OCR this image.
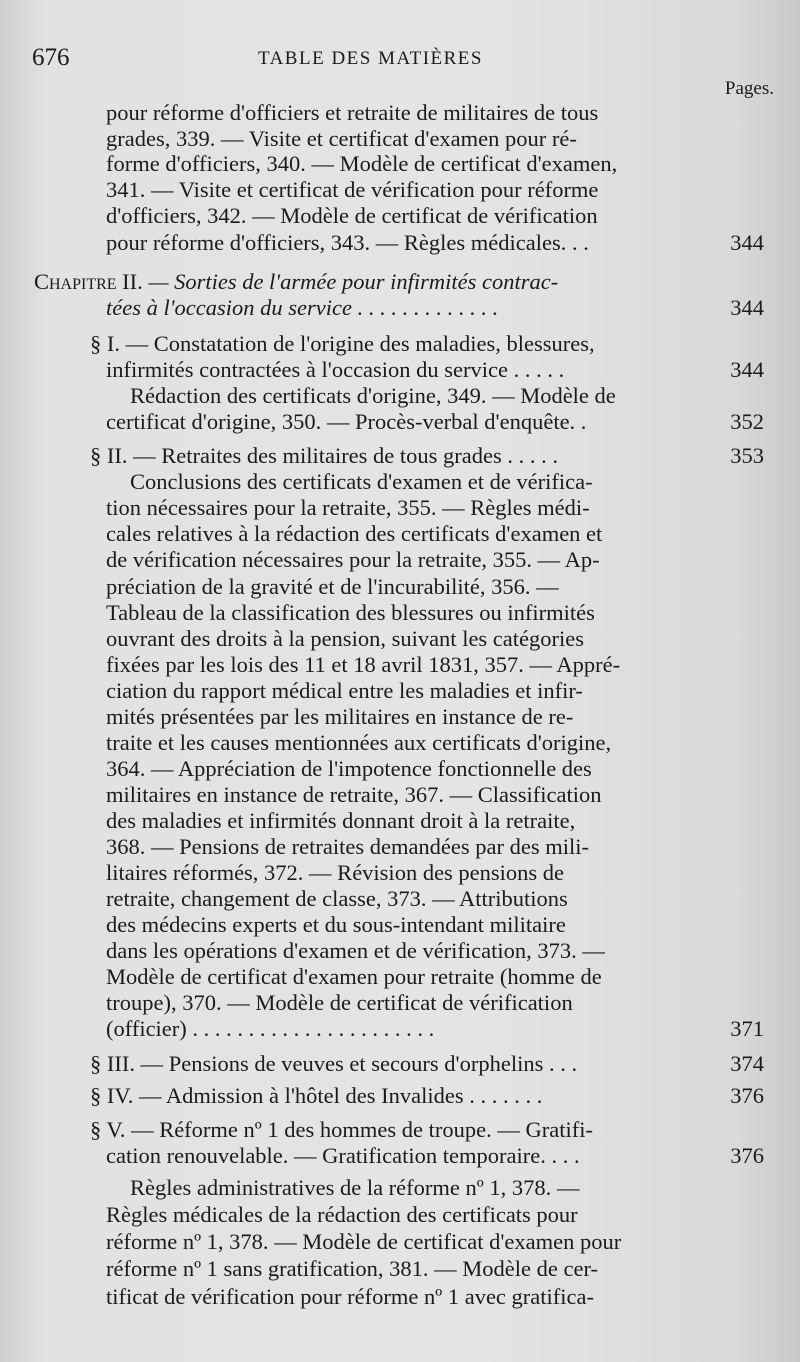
676	TABLE DES MATIÈRES
Pages.
pour réforme d'officiers et retraite de militaires de tous
grades, 339. — Visite et certificat d'examen pour ré-
forme d'officiers, 340. — Modèle de certificat d'examen,
341. — Visite et certificat de vérification pour réforme
d'officiers, 342. — Modèle de certificat de vérification
pour réforme d'officiers, 343. — Règles médicales. . .	344
Chapitre II. — Sorties de l'armée pour infirmités contrac-
tées à l'occasion du service . . . . . . . . . . . . .	344
§ I. — Constatation de l'origine des maladies, blessures,
infirmités contractées à l'occasion du service . . . . .	344
Rédaction des certificats d'origine, 349. — Modèle de
certificat d'origine, 350. — Procès-verbal d'enquête. .	352
§ II. — Retraites des militaires de tous grades . . . . .	353
Conclusions des certificats d'examen et de vérifica-
tion nécessaires pour la retraite, 355. — Règles médi-
cales relatives à la rédaction des certificats d'examen et
de vérification nécessaires pour la retraite, 355. — Ap-
préciation de la gravité et de l'incurabilité, 356. —
Tableau de la classification des blessures ou infirmités
ouvrant des droits à la pension, suivant les catégories
fixées par les lois des 11 et 18 avril 1831, 357. — Appré-
ciation du rapport médical entre les maladies et infir-
mités présentées par les militaires en instance de re-
traite et les causes mentionnées aux certificats d'origine,
364. — Appréciation de l'impotence fonctionnelle des
militaires en instance de retraite, 367. — Classification
des maladies et infirmités donnant droit à la retraite,
368. — Pensions de retraites demandées par des mili-
litaires réformés, 372. — Révision des pensions de
retraite, changement de classe, 373. — Attributions
des médecins experts et du sous-intendant militaire
dans les opérations d'examen et de vérification, 373. —
Modèle de certificat d'examen pour retraite (homme de
troupe), 370. — Modèle de certificat de vérification
(officier) . . . . . . . . . . . . . . . . . . . . . .	371
§ III. — Pensions de veuves et secours d'orphelins . . .	374
§ IV. — Admission à l'hôtel des Invalides . . . . . . .	376
§ V. — Réforme nº 1 des hommes de troupe. — Gratifi-
cation renouvelable. — Gratification temporaire. . . .	376
Règles administratives de la réforme nº 1, 378. —
Règles médicales de la rédaction des certificats pour
réforme nº 1, 378. — Modèle de certificat d'examen pour
réforme nº 1 sans gratification, 381. — Modèle de cer-
tificat de vérification pour réforme nº 1 avec gratifica-
